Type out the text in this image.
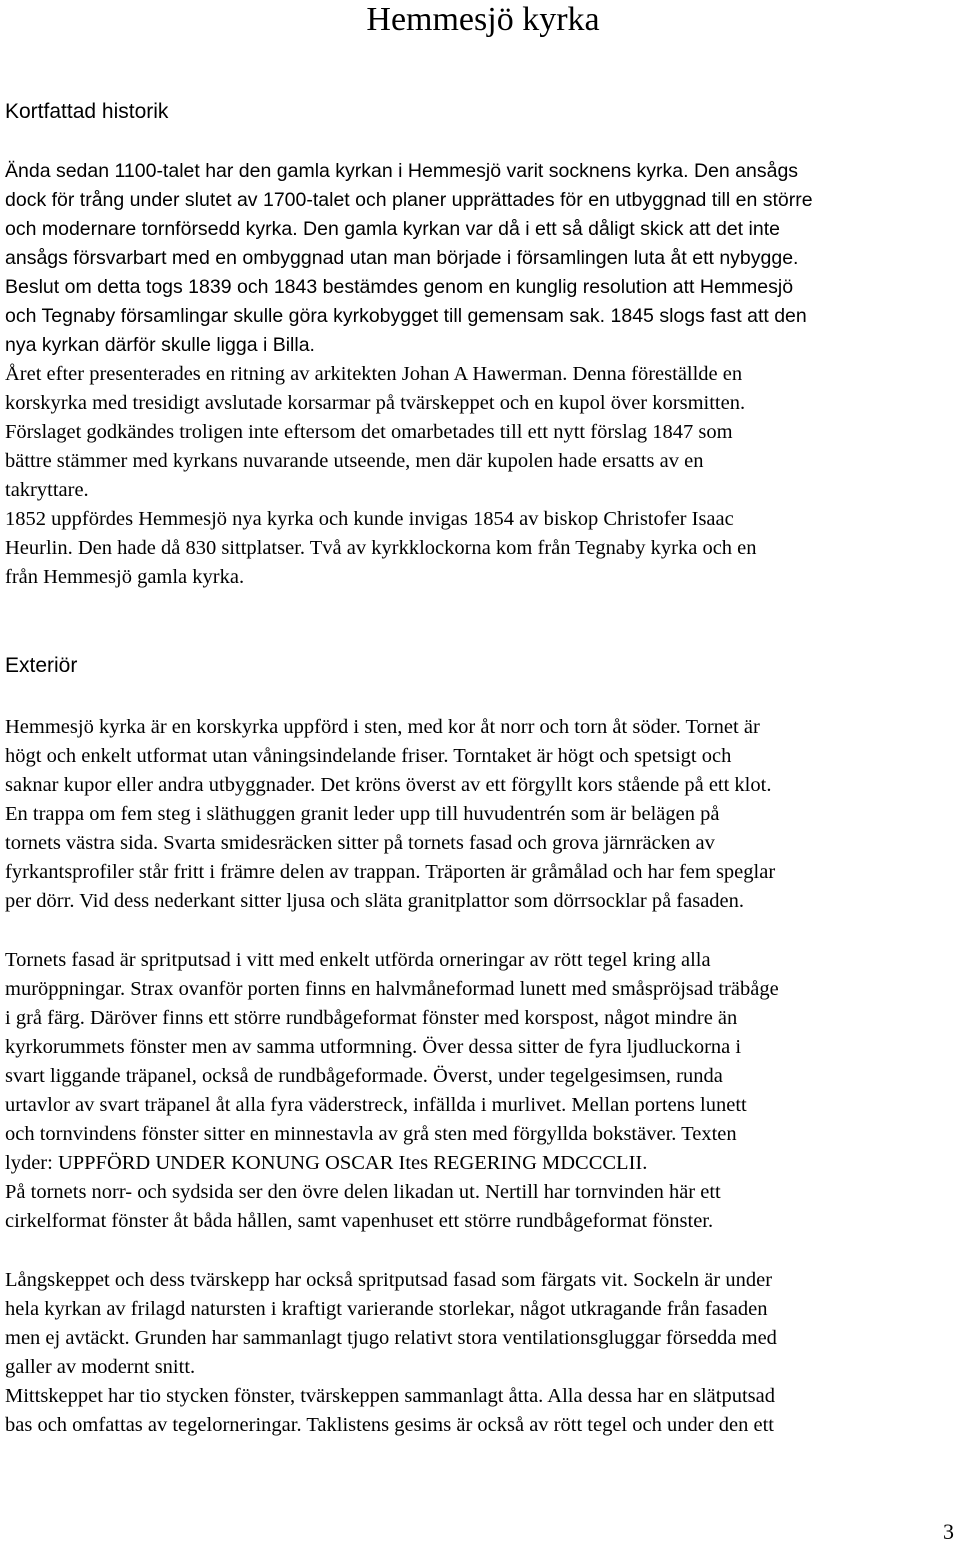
Hemmesjö kyrka
Kortfattad historik
Ända sedan 1100-talet har den gamla kyrkan i Hemmesjö varit socknens kyrka. Den ansågs
dock för trång under slutet av 1700-talet och planer upprättades för en utbyggnad till en större
och modernare tornförsedd kyrka. Den gamla kyrkan var då i ett så dåligt skick att det inte
ansågs försvarbart med en ombyggnad utan man började i församlingen luta åt ett nybygge.
Beslut om detta togs 1839 och 1843 bestämdes genom en kunglig resolution att Hemmesjö
och Tegnaby församlingar skulle göra kyrkobygget till gemensam sak. 1845 slogs fast att den
nya kyrkan därför skulle ligga i Billa.
Året efter presenterades en ritning av arkitekten Johan A Hawerman. Denna föreställde en
korskyrka med tresidigt avslutade korsarmar på tvärskeppet och en kupol över korsmitten.
Förslaget godkändes troligen inte eftersom det omarbetades till ett nytt förslag 1847 som
bättre stämmer med kyrkans nuvarande utseende, men där kupolen hade ersatts av en
takryttare.
1852 uppfördes Hemmesjö nya kyrka och kunde invigas 1854 av biskop Christofer Isaac
Heurlin. Den hade då 830 sittplatser. Två av kyrkklockorna kom från Tegnaby kyrka och en
från Hemmesjö gamla kyrka.
Exteriör
Hemmesjö kyrka är en korskyrka uppförd i sten, med kor åt norr och torn åt söder. Tornet är
högt och enkelt utformat utan våningsindelande friser. Torntaket är högt och spetsigt och
saknar kupor eller andra utbyggnader. Det kröns överst av ett förgyllt kors stående på ett klot.
En trappa om fem steg i släthuggen granit leder upp till huvudentrén som är belägen på
tornets västra sida. Svarta smidesräcken sitter på tornets fasad och grova järnräcken av
fyrkantsprofiler står fritt i främre delen av trappan. Träporten är gråmålad och har fem speglar
per dörr. Vid dess nederkant sitter ljusa och släta granitplattor som dörrsocklar på fasaden.
Tornets fasad är spritputsad i vitt med enkelt utförda orneringar av rött tegel kring alla
muröppningar. Strax ovanför porten finns en halvmåneformad lunett med småspröjsad träbåge
i grå färg. Däröver finns ett större rundbågeformat fönster med korspost, något mindre än
kyrkorummets fönster men av samma utformning. Över dessa sitter de fyra ljudluckorna i
svart liggande träpanel, också de rundbågeformade. Överst, under tegelgesimsen, runda
urtavlor av svart träpanel åt alla fyra väderstreck, infällda i murlivet. Mellan portens lunett
och tornvindens fönster sitter en minnestavla av grå sten med förgyllda bokstäver. Texten
lyder: UPPFÖRD UNDER KONUNG OSCAR Ites REGERING MDCCCLII.
På tornets norr- och sydsida ser den övre delen likadan ut. Nertill har tornvinden här ett
cirkelformat fönster åt båda hållen, samt vapenhuset ett större rundbågeformat fönster.
Långskeppet och dess tvärskepp har också spritputsad fasad som färgats vit. Sockeln är under
hela kyrkan av frilagd natursten i kraftigt varierande storlekar, något utkragande från fasaden
men ej avtäckt. Grunden har sammanlagt tjugo relativt stora ventilationsgluggar försedda med
galler av modernt snitt.
Mittskeppet har tio stycken fönster, tvärskeppen sammanlagt åtta. Alla dessa har en slätputsad
bas och omfattas av tegelorneringar. Taklistens gesims är också av rött tegel och under den ett
3
